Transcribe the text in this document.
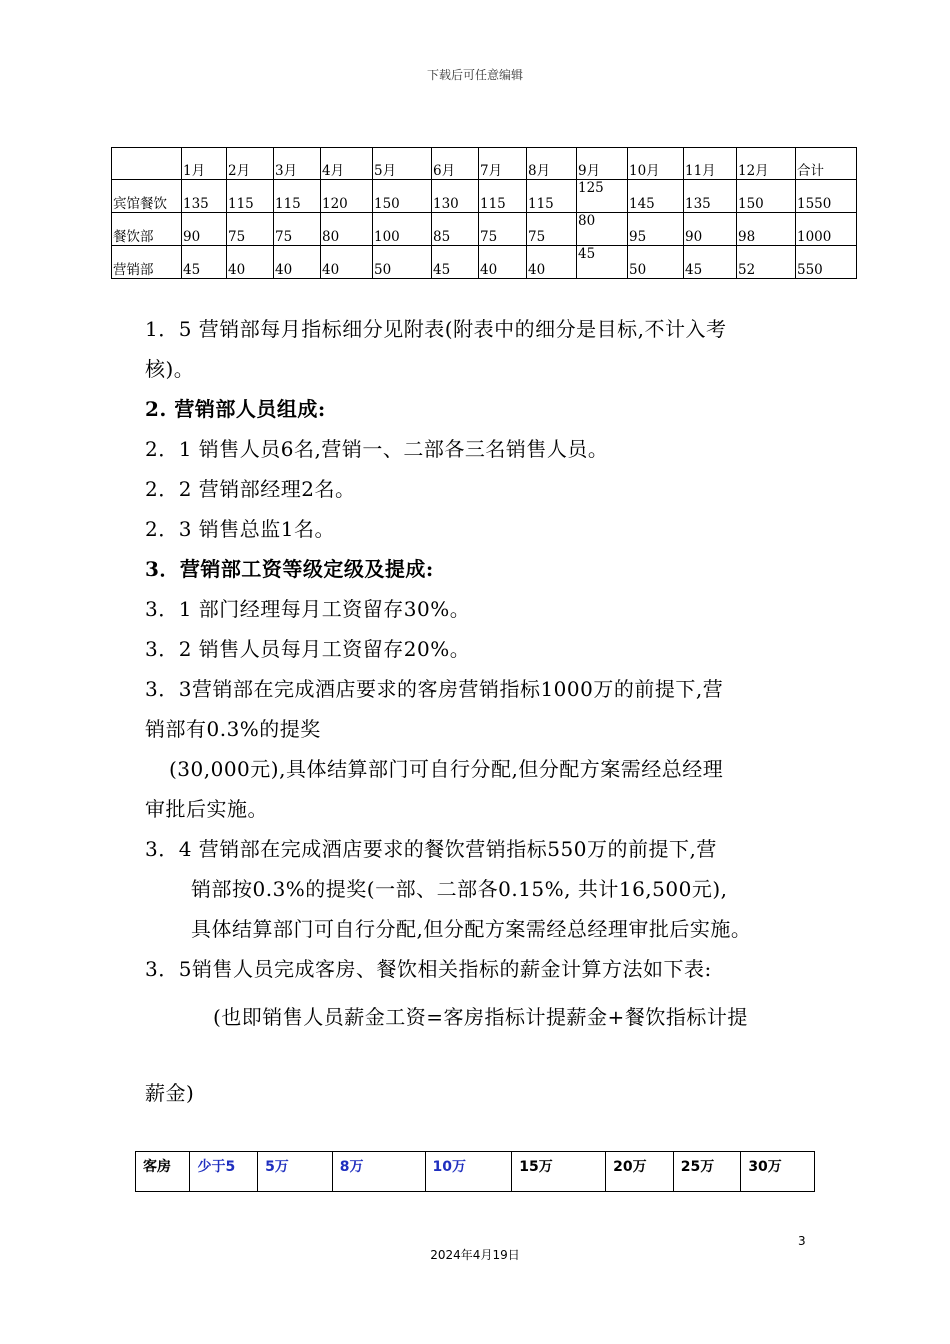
下载后可任意编辑
	1月	2月	3月	4月	5月	6月	7月	8月	9月	10月	11月	12月	合计
宾馆餐饮	135	115	115	120	150	130	115	115	125	145	135	150	1550
餐饮部	90	75	75	80	100	85	75	75	80	95	90	98	1000
营销部	45	40	40	40	50	45	40	40	45	50	45	52	550

1．5 营销部每月指标细分见附表(附表中的细分是目标,不计入考

核)。

2. 营销部人员组成:

2．1 销售人员6名,营销一、二部各三名销售人员。

2．2 营销部经理2名。

2．3 销售总监1名。

3．营销部工资等级定级及提成:

3．1 部门经理每月工资留存30%。

3．2 销售人员每月工资留存20%。

3．3营销部在完成酒店要求的客房营销指标1000万的前提下,营

销部有0.3%的提奖

(30,000元),具体结算部门可自行分配,但分配方案需经总经理

审批后实施。

3．4 营销部在完成酒店要求的餐饮营销指标550万的前提下,营

销部按0.3%的提奖(一部、二部各0.15%, 共计16,500元),

具体结算部门可自行分配,但分配方案需经总经理审批后实施。

3．5销售人员完成客房、餐饮相关指标的薪金计算方法如下表:

(也即销售人员薪金工资=客房指标计提薪金+餐饮指标计提

薪金)

客房	少于5	5万	8万	10万	15万	20万	25万	30万
3
2024年4月19日
